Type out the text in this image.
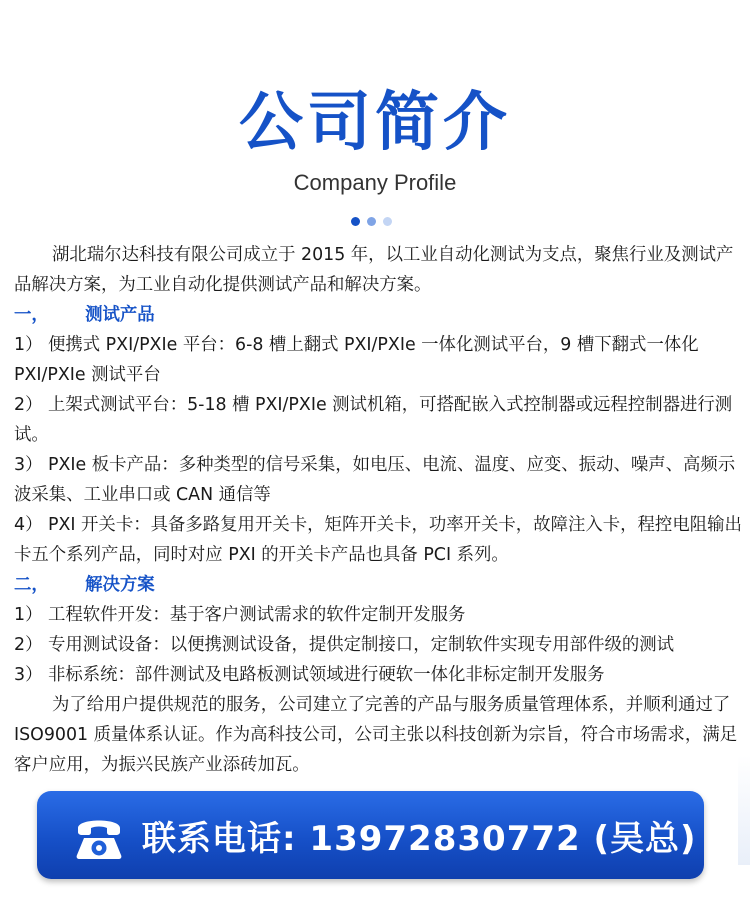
公司简介
Company Profile

湖北瑞尔达科技有限公司成立于 2015 年，以工业自动化测试为支点，聚焦行业及测试产品解决方案，为工业自动化提供测试产品和解决方案。

一，      测试产品

1） 便携式 PXI/PXIe 平台：6-8 槽上翻式 PXI/PXIe 一体化测试平台，9 槽下翻式一体化 PXI/PXIe 测试平台

2） 上架式测试平台：5-18 槽 PXI/PXIe 测试机箱，可搭配嵌入式控制器或远程控制器进行测试。

3） PXIe 板卡产品：多种类型的信号采集，如电压、电流、温度、应变、振动、噪声、高频示波采集、工业串口或 CAN 通信等

4） PXI 开关卡：具备多路复用开关卡，矩阵开关卡，功率开关卡，故障注入卡，程控电阻输出卡五个系列产品，同时对应 PXI 的开关卡产品也具备 PCI 系列。

二，      解决方案

1） 工程软件开发：基于客户测试需求的软件定制开发服务

2） 专用测试设备：以便携测试设备，提供定制接口，定制软件实现专用部件级的测试

3） 非标系统：部件测试及电路板测试领域进行硬软一体化非标定制开发服务

为了给用户提供规范的服务，公司建立了完善的产品与服务质量管理体系，并顺利通过了 ISO9001 质量体系认证。作为高科技公司，公司主张以科技创新为宗旨，符合市场需求，满足客户应用，为振兴民族产业添砖加瓦。

联系电话: 13972830772 (吴总)
